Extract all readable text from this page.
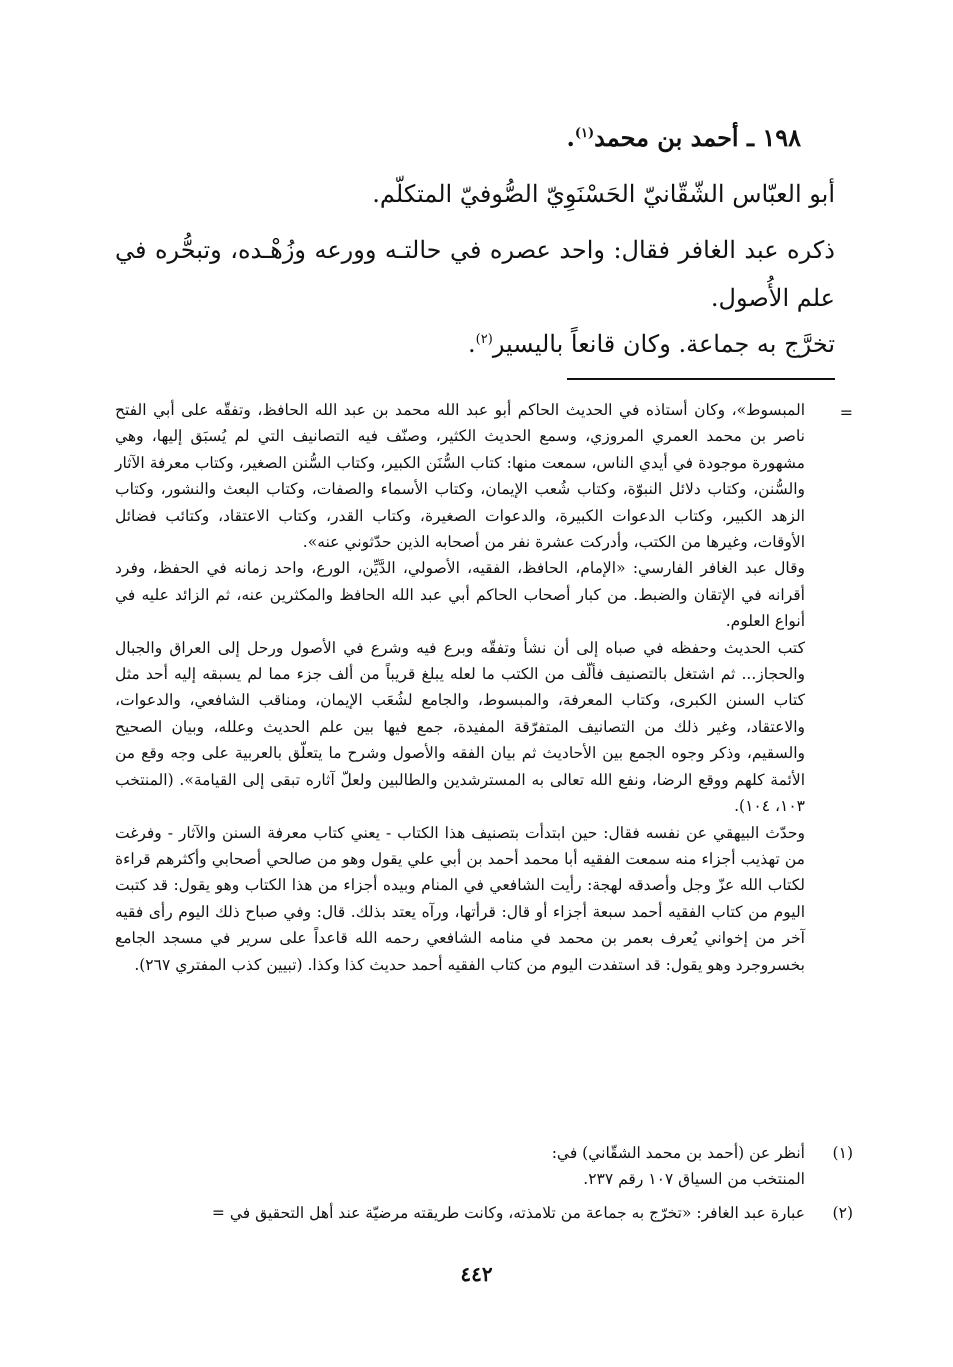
١٩٨ ـ أحمد بن محمد$^{(١)}$.
أبو العبّاس الشّقّانيّ الحَسْنَوِيّ الصُّوفيّ المتكلّم.
ذكره عبد الغافر فقال: واحد عصره في حالتـه وورعه وزُهْـده، وتبحُّره في علم الأُصول.
تخرَّج به جماعة. وكان قانعاً باليسير$^{(٢)}$.
=

المبسوط»، وكان أستاذه في الحديث الحاكم أبو عبد الله محمد بن عبد الله الحافظ، وتفقّه على أبي الفتح ناصر بن محمد العمري المروزي، وسمع الحديث الكثير، وصنّف فيه التصانيف التي لم يُسبَق إليها، وهي مشهورة موجودة في أيدي الناس، سمعت منها: كتاب السُّنَن الكبير، وكتاب السُّنن الصغير، وكتاب معرفة الآثار والسُّنن، وكتاب دلائل النبوّة، وكتاب شُعب الإيمان، وكتاب الأسماء والصفات، وكتاب البعث والنشور، وكتاب الزهد الكبير، وكتاب الدعوات الكبيرة، والدعوات الصغيرة، وكتاب القدر، وكتاب الاعتقاد، وكتائب فضائل الأوقات، وغيرها من الكتب، وأدركت عشرة نفر من أصحابه الذين حدّثوني عنه».

وقال عبد الغافر الفارسي: «الإمام، الحافظ، الفقيه، الأصولي، الدَّيِّن، الورع، واحد زمانه في الحفظ، وفرد أقرانه في الإتقان والضبط. من كبار أصحاب الحاكم أبي عبد الله الحافظ والمكثرين عنه، ثم الزائد عليه في أنواع العلوم.

كتب الحديث وحفظه في صباه إلى أن نشأ وتفقّه وبرع فيه وشرع في الأصول ورحل إلى العراق والجبال والحجاز... ثم اشتغل بالتصنيف فألّف من الكتب ما لعله يبلغ قريباً من ألف جزء مما لم يسبقه إليه أحد مثل كتاب السنن الكبرى، وكتاب المعرفة، والمبسوط، والجامع لشُعَب الإيمان، ومناقب الشافعي، والدعوات، والاعتقاد، وغير ذلك من التصانيف المتفرّقة المفيدة، جمع فيها بين علم الحديث وعلله، وبيان الصحيح والسقيم، وذكر وجوه الجمع بين الأحاديث ثم بيان الفقه والأصول وشرح ما يتعلّق بالعربية على وجه وقع من الأئمة كلهم ووقع الرضا، ونفع الله تعالى به المسترشدين والطالبين ولعلّ آثاره تبقى إلى القيامة». (المنتخب ١٠٣، ١٠٤).

وحدّث البيهقي عن نفسه فقال: حين ابتدأت بتصنيف هذا الكتاب - يعني كتاب معرفة السنن والآثار - وفرغت من تهذيب أجزاء منه سمعت الفقيه أبا محمد أحمد بن أبي علي يقول وهو من صالحي أصحابي وأكثرهم قراءة لكتاب الله عزّ وجل وأصدقه لهجة: رأيت الشافعي في المنام وبيده أجزاء من هذا الكتاب وهو يقول: قد كتبت اليوم من كتاب الفقيه أحمد سبعة أجزاء أو قال: قرأتها، ورآه يعتد بذلك. قال: وفي صباح ذلك اليوم رأى فقيه آخر من إخواني يُعرف بعمر بن محمد في منامه الشافعي رحمه الله قاعداً على سرير في مسجد الجامع بخسروجرد وهو يقول: قد استفدت اليوم من كتاب الفقيه أحمد حديث كذا وكذا. (تبيين كذب المفتري ٢٦٧).

(١)
أنظر عن (أحمد بن محمد الشقّاني) في:
المنتخب من السياق ١٠٧ رقم ٢٣٧.
(٢)
عبارة عبد الغافر: «تخرّج به جماعة من تلامذته، وكانت طريقته مرضيّة عند أهل التحقيق في =
٤٤٢
